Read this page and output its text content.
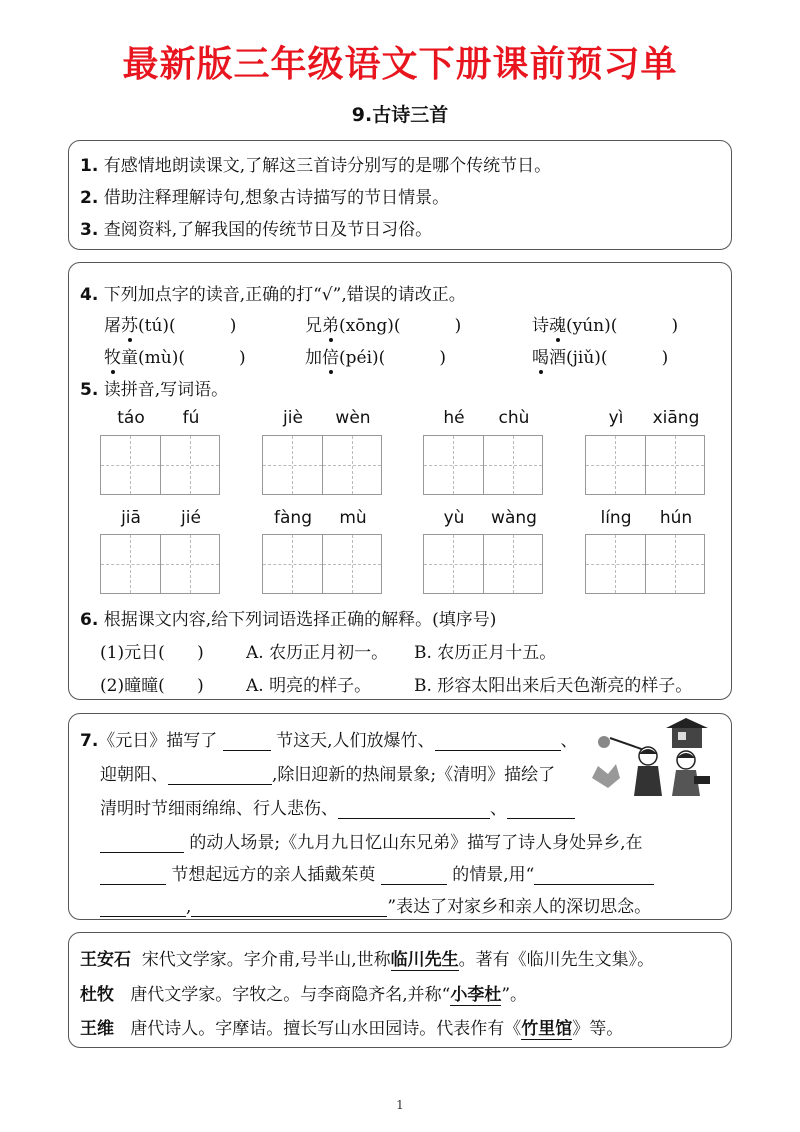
最新版三年级语文下册课前预习单
9.古诗三首
1. 有感情地朗读课文,了解这三首诗分别写的是哪个传统节日。
2. 借助注释理解诗句,想象古诗描写的节日情景。
3. 查阅资料,了解我国的传统节日及节日习俗。
4. 下列加点字的读音,正确的打“√”,错误的请改正。
屠苏(tú)(          )	兄弟(xōng)(          )	诗魂(yún)(          )
牧童(mù)(          )	加倍(péi)(          )	喝酒(jiǔ)(          )
5. 读拼音,写词语。
táo	fú	jiè	wèn	hé	chù	yì	xiāng
jiā	jié	fàng	mù	yù	wàng	líng	hún
6. 根据课文内容,给下列词语选择正确的解释。(填序号)
(1)元日(      ) A. 农历正月初一。 B. 农历正月十五。
(2)曈曈(      ) A. 明亮的样子。	B. 形容太阳出来后天色渐亮的样子。
7.《元日》描写了	节这天,人们放爆竹、	、
迎朝阳、	,除旧迎新的热闹景象;《清明》描绘了
清明时节细雨绵绵、行人悲伤、	、
的动人场景;《九月九日忆山东兄弟》描写了诗人身处异乡,在
节想起远方的亲人插戴茱萸	的情景,用“
,	”表达了对家乡和亲人的深切思念。
王安石 宋代文学家。字介甫,号半山,世称临川先生。著有《临川先生文集》。
杜牧 唐代文学家。字牧之。与李商隐齐名,并称“小李杜”。
王维 唐代诗人。字摩诘。擅长写山水田园诗。代表作有《竹里馆》等。
1
